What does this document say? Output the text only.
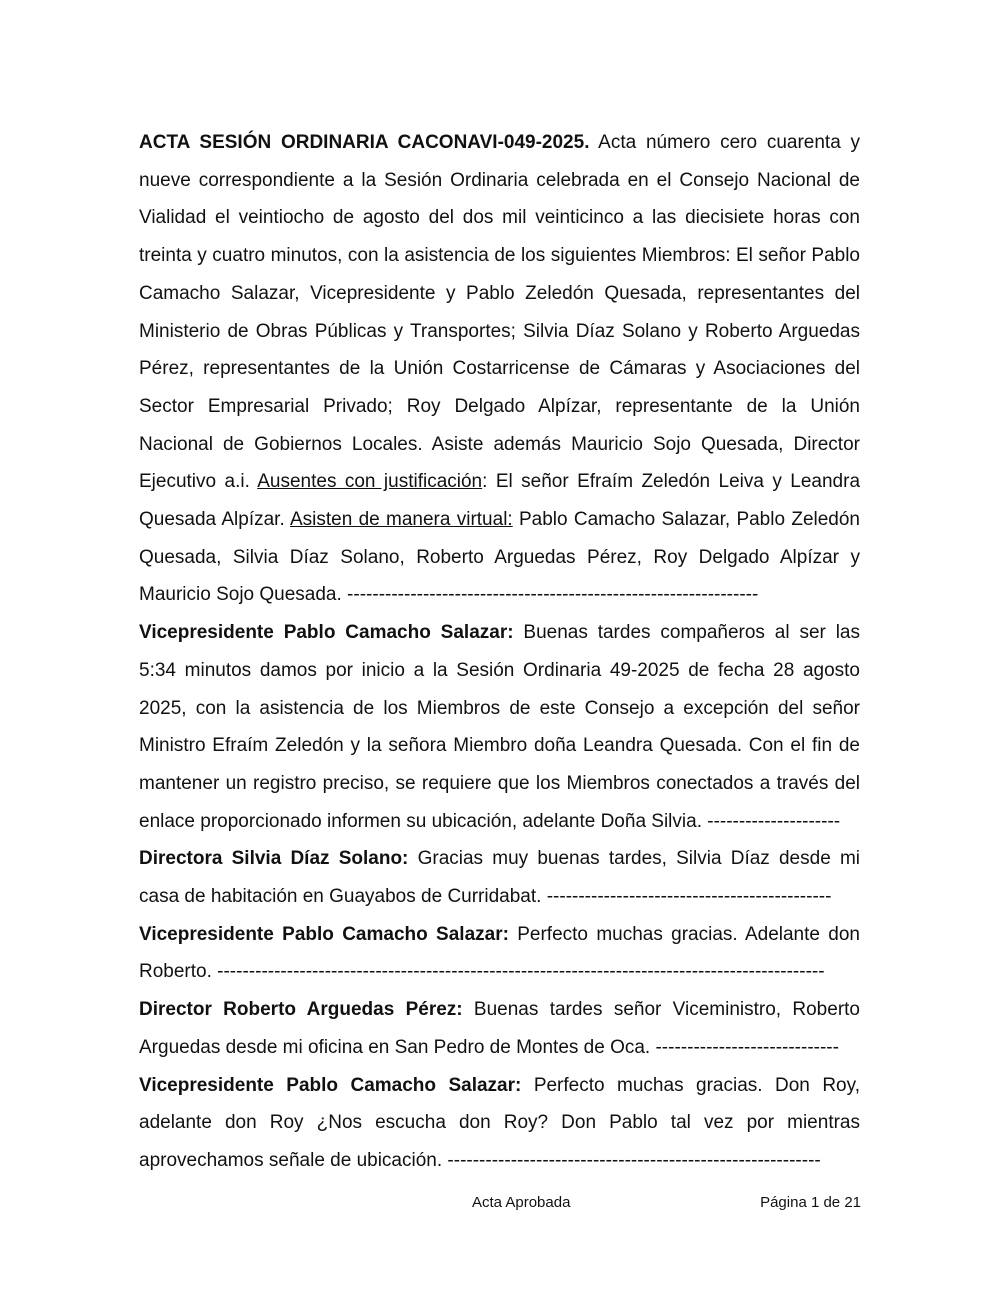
ACTA SESIÓN ORDINARIA CACONAVI-049-2025. Acta número cero cuarenta y nueve correspondiente a la Sesión Ordinaria celebrada en el Consejo Nacional de Vialidad el veintiocho de agosto del dos mil veinticinco a las diecisiete horas con treinta y cuatro minutos, con la asistencia de los siguientes Miembros: El señor Pablo Camacho Salazar, Vicepresidente y Pablo Zeledón Quesada, representantes del Ministerio de Obras Públicas y Transportes; Silvia Díaz Solano y Roberto Arguedas Pérez, representantes de la Unión Costarricense de Cámaras y Asociaciones del Sector Empresarial Privado; Roy Delgado Alpízar, representante de la Unión Nacional de Gobiernos Locales. Asiste además Mauricio Sojo Quesada, Director Ejecutivo a.i. Ausentes con justificación: El señor Efraím Zeledón Leiva y Leandra Quesada Alpízar. Asisten de manera virtual: Pablo Camacho Salazar, Pablo Zeledón Quesada, Silvia Díaz Solano, Roberto Arguedas Pérez, Roy Delgado Alpízar y Mauricio Sojo Quesada. -----------------------------------------------------------------

Vicepresidente Pablo Camacho Salazar: Buenas tardes compañeros al ser las 5:34 minutos damos por inicio a la Sesión Ordinaria 49-2025 de fecha 28 agosto 2025, con la asistencia de los Miembros de este Consejo a excepción del señor Ministro Efraím Zeledón y la señora Miembro doña Leandra Quesada. Con el fin de mantener un registro preciso, se requiere que los Miembros conectados a través del enlace proporcionado informen su ubicación, adelante Doña Silvia. ---------------------

Directora Silvia Díaz Solano: Gracias muy buenas tardes, Silvia Díaz desde mi casa de habitación en Guayabos de Curridabat. ---------------------------------------------

Vicepresidente Pablo Camacho Salazar: Perfecto muchas gracias. Adelante don Roberto. ------------------------------------------------------------------------------------------------

Director Roberto Arguedas Pérez: Buenas tardes señor Viceministro, Roberto Arguedas desde mi oficina en San Pedro de Montes de Oca. -----------------------------

Vicepresidente Pablo Camacho Salazar: Perfecto muchas gracias. Don Roy, adelante don Roy ¿Nos escucha don Roy? Don Pablo tal vez por mientras aprovechamos señale de ubicación. -----------------------------------------------------------

Acta Aprobada	Página 1 de 21
